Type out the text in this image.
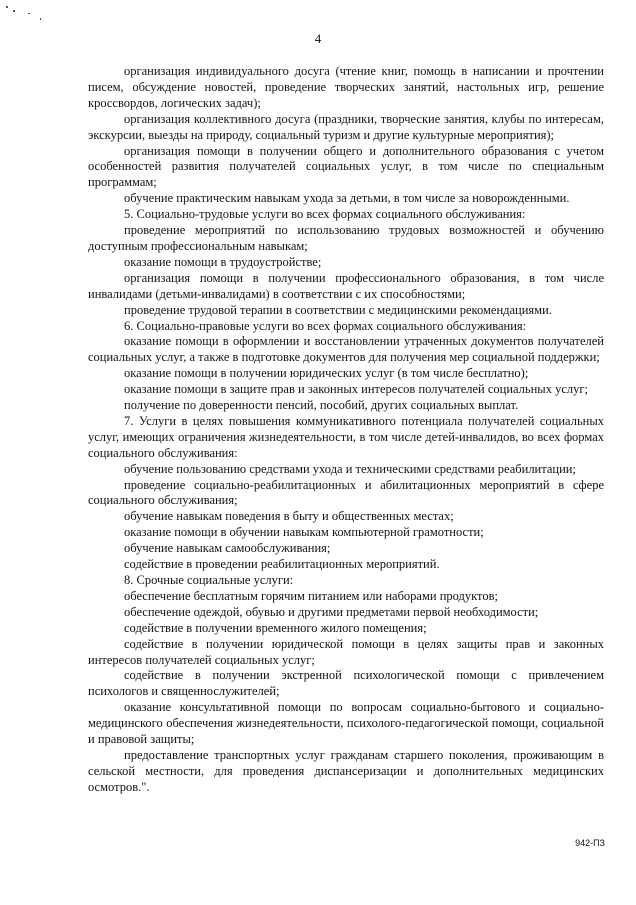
4

организация индивидуального досуга (чтение книг, помощь в написании и прочтении писем, обсуждение новостей, проведение творческих занятий, настольных игр, решение кроссвордов, логических задач);

организация коллективного досуга (праздники, творческие занятия, клубы по интересам, экскурсии, выезды на природу, социальный туризм и другие культурные мероприятия);

организация помощи в получении общего и дополнительного образования с учетом особенностей развития получателей социальных услуг, в том числе по специальным программам;

обучение практическим навыкам ухода за детьми, в том числе за новорожденными.

5. Социально-трудовые услуги во всех формах социального обслуживания:

проведение мероприятий по использованию трудовых возможностей и обучению доступным профессиональным навыкам;

оказание помощи в трудоустройстве;

организация помощи в получении профессионального образования, в том числе инвалидами (детьми-инвалидами) в соответствии с их способностями;

проведение трудовой терапии в соответствии с медицинскими рекомендациями.

6. Социально-правовые услуги во всех формах социального обслуживания:

оказание помощи в оформлении и восстановлении утраченных документов получателей социальных услуг, а также в подготовке документов для получения мер социальной поддержки;

оказание помощи в получении юридических услуг (в том числе бесплатно);

оказание помощи в защите прав и законных интересов получателей социальных услуг;

получение по доверенности пенсий, пособий, других социальных выплат.

7. Услуги в целях повышения коммуникативного потенциала получателей социальных услуг, имеющих ограничения жизнедеятельности, в том числе детей-инвалидов, во всех формах социального обслуживания:

обучение пользованию средствами ухода и техническими средствами реабилитации;

проведение социально-реабилитационных и абилитационных мероприятий в сфере социального обслуживания;

обучение навыкам поведения в быту и общественных местах;

оказание помощи в обучении навыкам компьютерной грамотности;

обучение навыкам самообслуживания;

содействие в проведении реабилитационных мероприятий.

8. Срочные социальные услуги:

обеспечение бесплатным горячим питанием или наборами продуктов;

обеспечение одеждой, обувью и другими предметами первой необходимости;

содействие в получении временного жилого помещения;

содействие в получении юридической помощи в целях защиты прав и законных интересов получателей социальных услуг;

содействие в получении экстренной психологической помощи с привлечением психологов и священнослужителей;

оказание консультативной помощи по вопросам социально-бытового и социально-медицинского обеспечения жизнедеятельности, психолого-педагогической помощи, социальной и правовой защиты;

предоставление транспортных услуг гражданам старшего поколения, проживающим в сельской местности, для проведения диспансеризации и дополнительных медицинских осмотров.".

942-ПЗ
